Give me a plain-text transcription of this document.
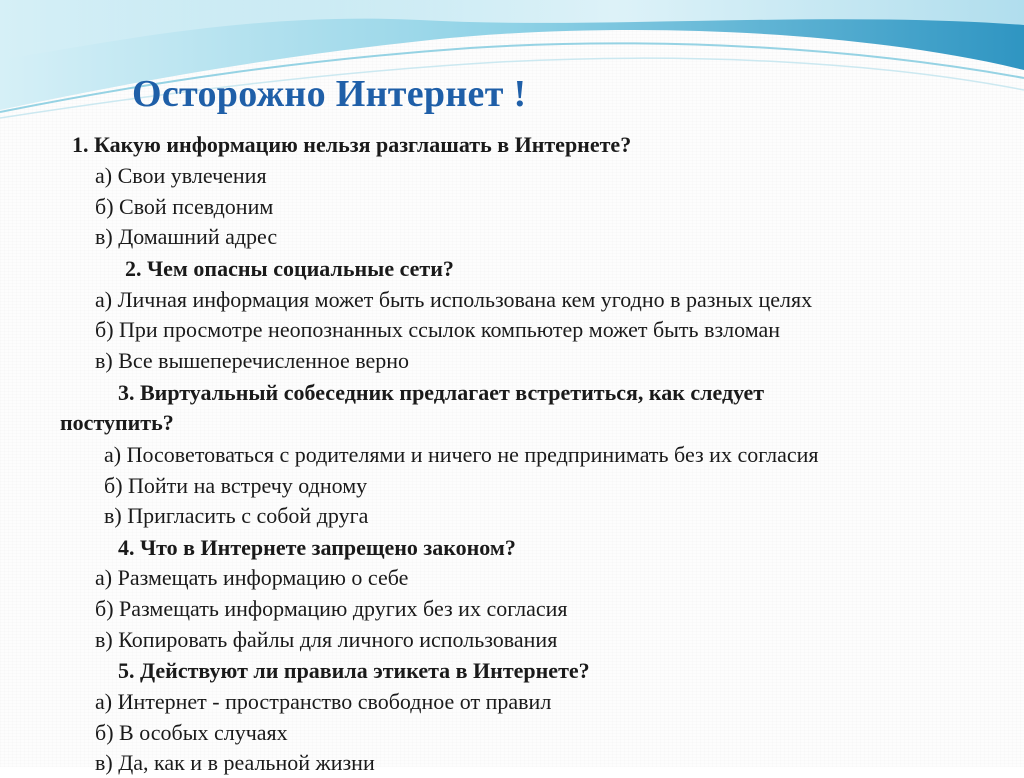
Осторожно Интернет !
1. Какую информацию нельзя разглашать в Интернете?
а) Свои увлечения
б) Свой псевдоним
в) Домашний адрес
2. Чем опасны социальные сети?
а) Личная информация может быть использована кем угодно в разных целях
б) При просмотре неопознанных ссылок компьютер может быть взломан
в) Все вышеперечисленное верно
3. Виртуальный собеседник предлагает встретиться, как следует
поступить?
а) Посоветоваться с родителями и ничего не предпринимать без их согласия
б) Пойти на встречу одному
в) Пригласить с собой друга
4. Что в Интернете запрещено законом?
а) Размещать информацию о себе
б) Размещать информацию других без их согласия
в) Копировать файлы для личного использования
5. Действуют ли правила этикета в Интернете?
а) Интернет - пространство свободное от правил
б) В особых случаях
в) Да, как и в реальной жизни
